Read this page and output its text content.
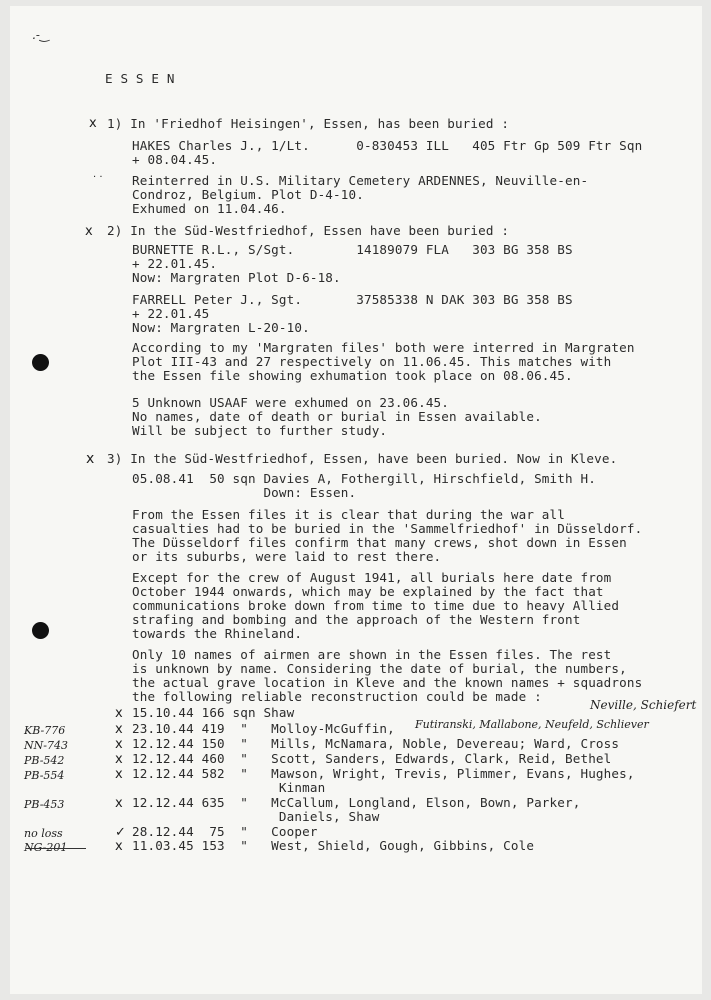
.-‿
E S S E N
x 1) In 'Friedhof Heisingen', Essen, has been buried :
HAKES Charles J., 1/Lt.      0-830453 ILL   405 Ftr Gp 509 Ftr Sqn
+ 08.04.45.
· · Reinterred in U.S. Military Cemetery ARDENNES, Neuville-en-
Condroz, Belgium. Plot D-4-10.
Exhumed on 11.04.46.
x 2) In the Süd-Westfriedhof, Essen have been buried :
BURNETTE R.L., S/Sgt.        14189079 FLA   303 BG 358 BS
+ 22.01.45.
Now: Margraten Plot D-6-18.
FARRELL Peter J., Sgt.       37585338 N DAK 303 BG 358 BS
+ 22.01.45
Now: Margraten L-20-10.
According to my 'Margraten files' both were interred in Margraten
Plot III-43 and 27 respectively on 11.06.45. This matches with
the Essen file showing exhumation took place on 08.06.45.
5 Unknown USAAF were exhumed on 23.06.45.
No names, date of death or burial in Essen available.
Will be subject to further study.
x 3) In the Süd-Westfriedhof, Essen, have been buried. Now in Kleve.
05.08.41  50 sqn Davies A, Fothergill, Hirschfield, Smith H.
Down: Essen.
From the Essen files it is clear that during the war all
casualties had to be buried in the 'Sammelfriedhof' in Düsseldorf.
The Düsseldorf files confirm that many crews, shot down in Essen
or its suburbs, were laid to rest there.
Except for the crew of August 1941, all burials here date from
October 1944 onwards, which may be explained by the fact that
communications broke down from time to time due to heavy Allied
strafing and bombing and the approach of the Western front
towards the Rhineland.
Only 10 names of airmen are shown in the Essen files. The rest
is unknown by name. Considering the date of burial, the numbers,
the actual grave location in Kleve and the known names + squadrons
the following reliable reconstruction could be made :
Neville, Schiefert
Futiranski, Mallabone, Neufeld, Schliever
x 15.10.44 166 sqn Shaw
KB-776	x 23.10.44 419  "   Molloy-McGuffin,
NN-743	x 12.12.44 150  "   Mills, McNamara, Noble, Devereau; Ward, Cross
PB-542	x 12.12.44 460  "   Scott, Sanders, Edwards, Clark, Reid, Bethel
PB-554	x 12.12.44 582  "   Mawson, Wright, Trevis, Plimmer, Evans, Hughes,
Kinman
PB-453	x 12.12.44 635  "   McCallum, Longland, Elson, Bown, Parker,
Daniels, Shaw
no loss	✓ 28.12.44  75  "   Cooper
NG-201	x 11.03.45 153  "   West, Shield, Gough, Gibbins, Cole
